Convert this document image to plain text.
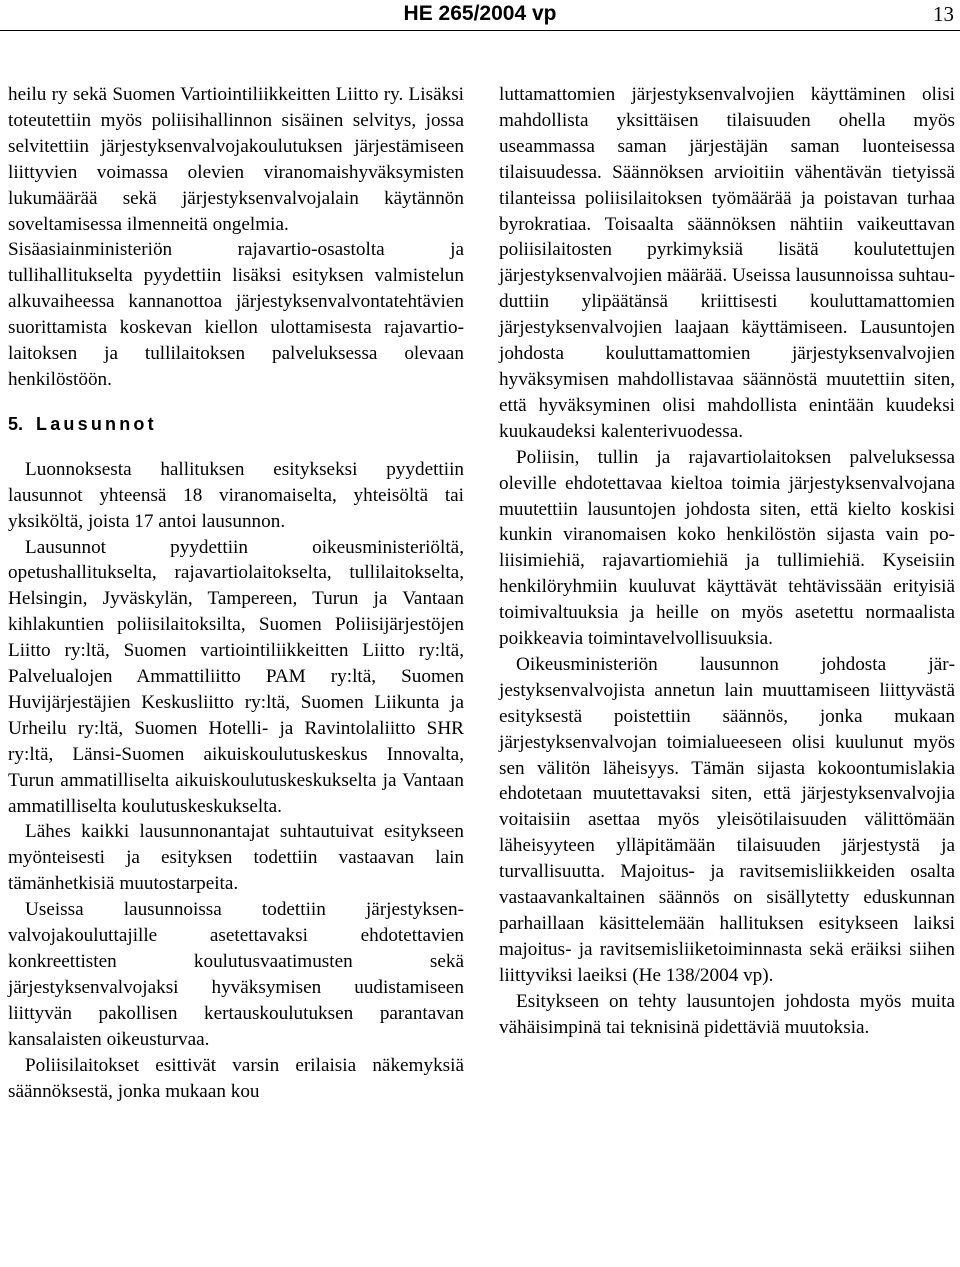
HE 265/2004 vp	13

heilu ry sekä Suomen Vartiointiliikkeitten Liitto ry. Lisäksi toteutettiin myös poliisihallinnon sisäinen selvitys, jossa selvitettiin järjestyksenvalvojakoulutuksen järjestämiseen liittyvien voimassa olevien viranomaishyväksymisten lukumäärää sekä järjestyksenvalvojalain käytännön soveltamisessa ilmenneitä ongelmia.

Sisäasiainministeriön rajavartio-osastolta ja tullihallitukselta pyydettiin lisäksi esityksen valmistelun alkuvaiheessa kannanottoa järjestyksenvalvontatehtävien suorittamista koskevan kiellon ulottamisesta rajavartiolaitoksen ja tullilaitoksen palveluksessa olevaan henkilöstöön.

5. Lausunnot

Luonnoksesta hallituksen esitykseksi pyydettiin lausunnot yhteensä 18 viranomaiselta, yhteisöltä tai yksiköltä, joista 17 antoi lausunnon.

Lausunnot pyydettiin oikeusministeriöltä, opetushallitukselta, rajavartiolaitokselta, tullilaitokselta, Helsingin, Jyväskylän, Tampereen, Turun ja Vantaan kihlakuntien poliisilaitoksilta, Suomen Poliisijärjestöjen Liitto ry:ltä, Suomen vartiointiliikkeitten Liitto ry:ltä, Palvelualojen Ammattiliitto PAM ry:ltä, Suomen Huvijärjestäjien Keskusliitto ry:ltä, Suomen Liikunta ja Urheilu ry:ltä, Suomen Hotelli- ja Ravintolaliitto SHR ry:ltä, Länsi-Suomen aikuiskoulutuskeskus Innovalta, Turun ammatilliselta aikuiskoulutuskeskukselta ja Vantaan ammatilliselta koulutuskeskukselta.

Lähes kaikki lausunnonantajat suhtautuivat esitykseen myönteisesti ja esityksen todettiin vastaavan lain tämänhetkisiä muutostarpeita.

Useissa lausunnoissa todettiin järjestyksenvalvojakouluttajille asetettavaksi ehdotettavien konkreettisten koulutusvaatimusten sekä järjestyksenvalvojaksi hyväksymisen uudistamiseen liittyvän pakollisen kertauskoulutuksen parantavan kansalaisten oikeusturvaa.

Poliisilaitokset esittivät varsin erilaisia näkemyksiä säännöksestä, jonka mukaan kou

luttamattomien järjestyksenvalvojien käyttäminen olisi mahdollista yksittäisen tilaisuuden ohella myös useammassa saman järjestäjän saman luonteisessa tilaisuudessa. Säännöksen arvioitiin vähentävän tietyissä tilanteissa poliisilaitoksen työmäärää ja poistavan turhaa byrokratiaa. Toisaalta säännöksen nähtiin vaikeuttavan poliisilaitosten pyrkimyksiä lisätä koulutettujen järjestyksenvalvojien määrää. Useissa lausunnoissa suhtauduttiin ylipäätänsä kriittisesti kouluttamattomien järjestyksenvalvojien laajaan käyttämiseen. Lausuntojen johdosta kouluttamattomien järjestyksenvalvojien hyväksymisen mahdollistavaa säännöstä muutettiin siten, että hyväksyminen olisi mahdollista enintään kuudeksi kuukaudeksi kalenterivuodessa.

Poliisin, tullin ja rajavartiolaitoksen palveluksessa oleville ehdotettavaa kieltoa toimia järjestyksenvalvojana muutettiin lausuntojen johdosta siten, että kielto koskisi kunkin viranomaisen koko henkilöstön sijasta vain poliisimiehiä, rajavartiomiehiä ja tullimiehiä. Kyseisiin henkilöryhmiin kuuluvat käyttävät tehtävissään erityisiä toimivaltuuksia ja heille on myös asetettu normaalista poikkeavia toimintavelvollisuuksia.

Oikeusministeriön lausunnon johdosta järjestyksenvalvojista annetun lain muuttamiseen liittyvästä esityksestä poistettiin säännös, jonka mukaan järjestyksenvalvojan toimialueeseen olisi kuulunut myös sen välitön läheisyys. Tämän sijasta kokoontumislakia ehdotetaan muutettavaksi siten, että järjestyksenvalvojia voitaisiin asettaa myös yleisötilaisuuden välittömään läheisyyteen ylläpitämään tilaisuuden järjestystä ja turvallisuutta. Majoitus- ja ravitsemisliikkeiden osalta vastaavankaltainen säännös on sisällytetty eduskunnan parhaillaan käsittelemään hallituksen esitykseen laiksi majoitus- ja ravitsemisliiketoiminnasta sekä eräiksi siihen liittyviksi laeiksi (He 138/2004 vp).

Esitykseen on tehty lausuntojen johdosta myös muita vähäisimpinä tai teknisinä pidettäviä muutoksia.
